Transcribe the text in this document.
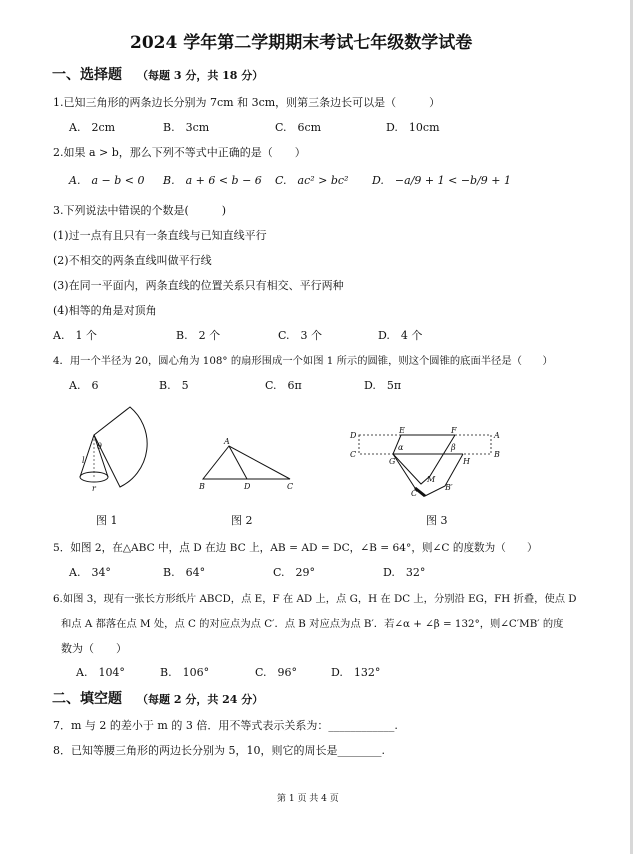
2024 学年第二学期期末考试七年级数学试卷
一、选择题 （每题 3 分，共 18 分）
1.已知三角形的两条边长分别为 7cm 和 3cm，则第三条边长可以是（　　　）
A.　2cm	B.　3cm	C.　6cm	D.　10cm
2.如果 a > b，那么下列不等式中正确的是（　　）
A.　a − b < 0 B.　a + 6 < b − 6 C.　ac² > bc² D.　−a/9 + 1 < −b/9 + 1
3.下列说法中错误的个数是(　　　)
(1)过一点有且只有一条直线与已知直线平行
(2)不相交的两条直线叫做平行线
(3)在同一平面内，两条直线的位置关系只有相交、平行两种
(4)相等的角是对顶角
A.　1 个	B.　2 个	C.　3 个	D.　4 个
4．用一个半径为 20，圆心角为 108° 的扇形围成一个如图 1 所示的圆锥，则这个圆锥的底面半径是（　　）
A.　6	B.　5	C.　6π	D.　5π
θ
l
r
图 1
A
B	D	C
图 2
D
E	F
A
C
G	H
B
M
C′
B′
α	β
图 3
5．如图 2，在△ABC 中，点 D 在边 BC 上，AB = AD = DC，∠B = 64°，则∠C 的度数为（　　）
A.　34°	B.　64°	C.　29°	D.　32°
6.如图 3，现有一张长方形纸片 ABCD，点 E，F 在 AD 上，点 G，H 在 DC 上，分别沿 EG，FH 折叠，使点 D
和点 A 都落在点 M 处，点 C 的对应点为点 C′．点 B 对应点为点 B′．若∠α + ∠β = 132°，则∠C′MB′ 的度
数为（　　）
A.　104°	B.　106°	C.　96°	D.　132°
二、填空题 （每题 2 分，共 24 分）
7．m 与 2 的差小于 m 的 3 倍．用不等式表示关系为：____________.
8．已知等腰三角形的两边长分别为 5，10，则它的周长是________.
第 1 页 共 4 页
